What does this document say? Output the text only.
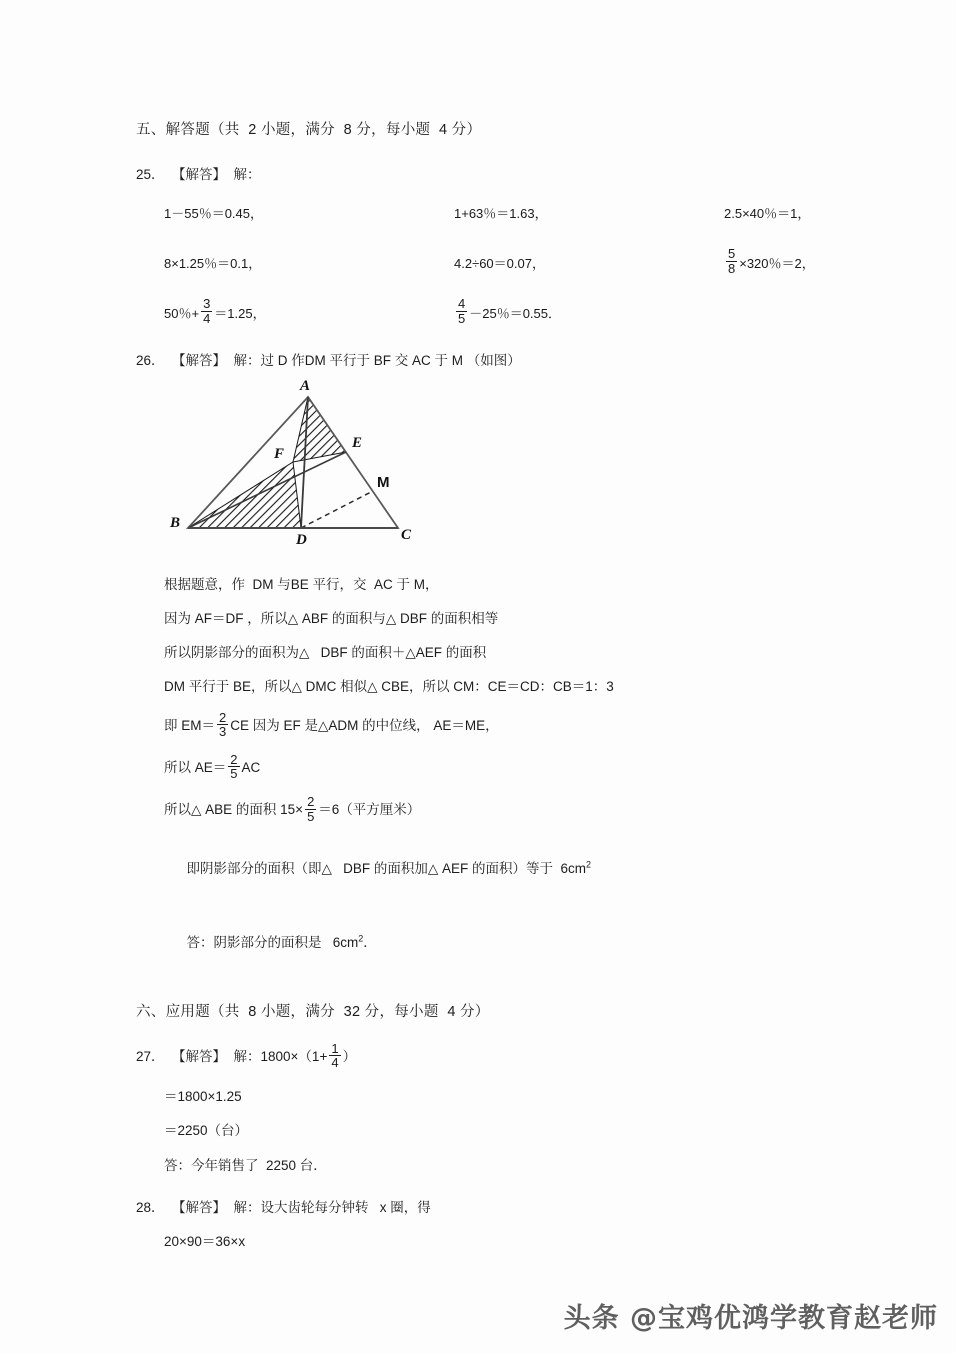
五、解答题（共  2 小题，满分  8 分，每小题  4 分）
25．  【解答】  解：
1－55％＝0.45 ，	1+63％＝1.63 ，	2.5×40％＝1 ，
8×1.25％＝0.1 ，	4.2÷60＝0.07 ，	$\frac{5}{8} \times 320$％＝2 ，
50％+ $\frac{3}{4} =1.25$ ，	$\frac{4}{5} -25$％＝0.55 ．
26．  【解答】  解：过 D 作DM 平行于 BF 交 AC 于 M （如图）
A
E
F
M
B
D	C
根据题意，作  DM 与BE 平行，交  AC 于 M，
因为 AF＝DF ，所以△ ABF 的面积与△ DBF 的面积相等
所以阴影部分的面积为△   DBF 的面积＋△AEF 的面积
DM 平行于 BE，所以△ DMC 相似△ CBE，所以 CM：CE＝CD：CB＝1：3
即 $EM= \frac{2}{3}$ CE 因为 EF 是△ADM 的中位线， AE＝ME，
所以 $AE= \frac{2}{5}$ AC
所以△ ABE 的面积 $15\times \frac{2}{5} =6$（平方厘米）

即阴影部分的面积（即△   DBF 的面积加△ AEF 的面积）等于  $6cm^2$

答：阴影部分的面积是   $6cm^2$．

六、应用题（共  8 小题，满分  32 分，每小题  4 分）
27．  【解答】  解：$1800\times(1+ \frac{1}{4}$ ）
＝1800×1.25
＝2250（台）
答：今年销售了  2250 台．
28．  【解答】  解：设大齿轮每分钟转   x 圈，得
20×90＝36×x
头条 @宝鸡优鸿学教育赵老师
